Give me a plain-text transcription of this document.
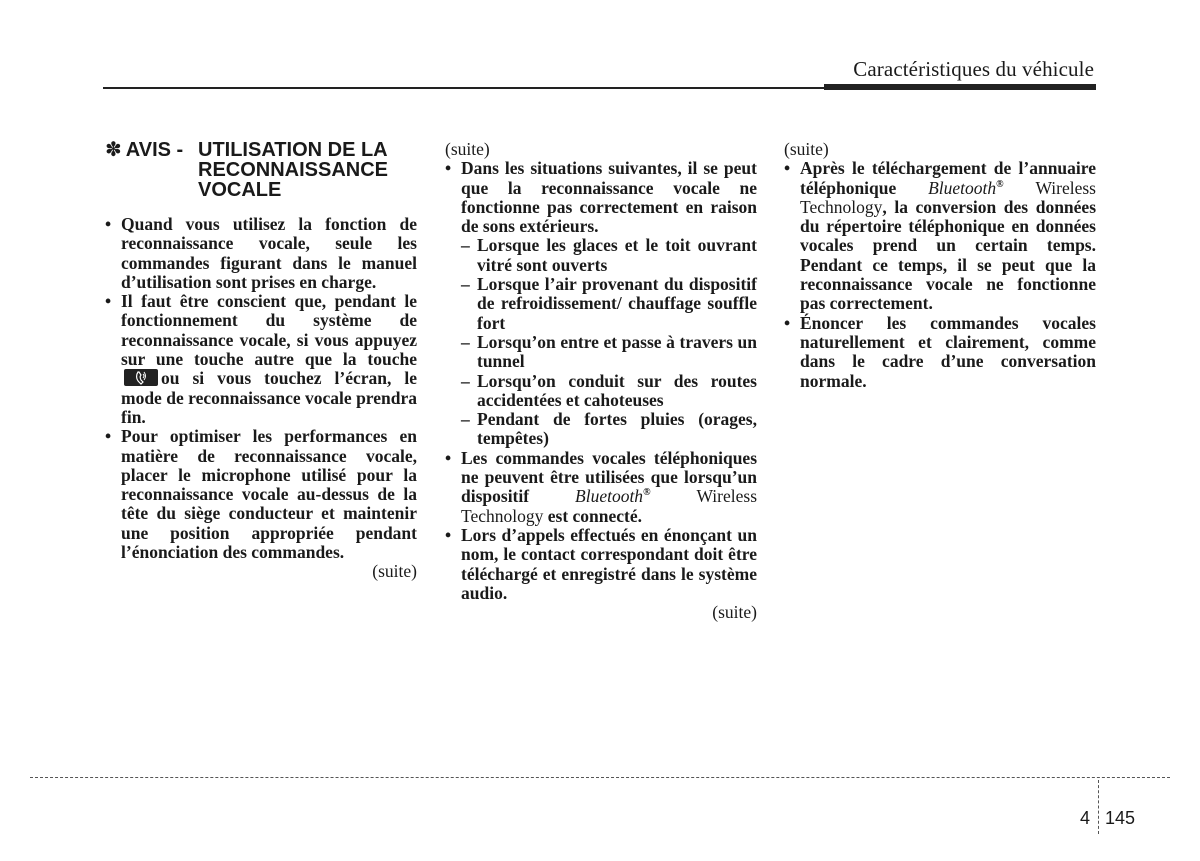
Caractéristiques du véhicule
✽ AVIS - UTILISATION DE LA
RECONNAISSANCE
VOCALE
• Quand vous utilisez la fonction de reconnaissance vocale, seule les commandes figurant dans le manuel d’utilisation sont prises en charge.
• Il faut être conscient que, pendant le fonctionnement du système de reconnaissance vocale, si vous appuyez sur une touche autre que la touche
ou si vous touchez l’écran, le mode de reconnaissance vocale prendra fin.
• Pour optimiser les performances en matière de reconnaissance vocale, placer le microphone utilisé pour la reconnaissance vocale au-dessus de la tête du siège conducteur et maintenir une position appropriée pendant l’énonciation des commandes.
(suite)
(suite)
• Dans les situations suivantes, il se peut que la reconnaissance vocale ne fonctionne pas correctement en raison de sons extérieurs.
– Lorsque les glaces et le toit ouvrant vitré sont ouverts
– Lorsque l’air provenant du dispositif de refroidissement/ chauffage souffle fort
– Lorsqu’on entre et passe à travers un tunnel
– Lorsqu’on conduit sur des routes accidentées et cahoteuses
– Pendant de fortes pluies (orages, tempêtes)
• Les commandes vocales téléphoniques ne peuvent être utilisées que lorsqu’un dispositif	Bluetooth®	Wireless Technology est connecté.
• Lors d’appels effectués en énonçant un nom, le contact correspondant doit être téléchargé et enregistré dans le système audio.
(suite)
(suite)
• Après le téléchargement de l’annuaire téléphonique Bluetooth® Wireless Technology, la conversion des données du répertoire téléphonique en données vocales prend un certain temps. Pendant ce temps, il se peut que la reconnaissance vocale ne fonctionne pas correctement.
• Énoncer les commandes vocales naturellement et clairement, comme dans le cadre d’une conversation normale.
4 145
